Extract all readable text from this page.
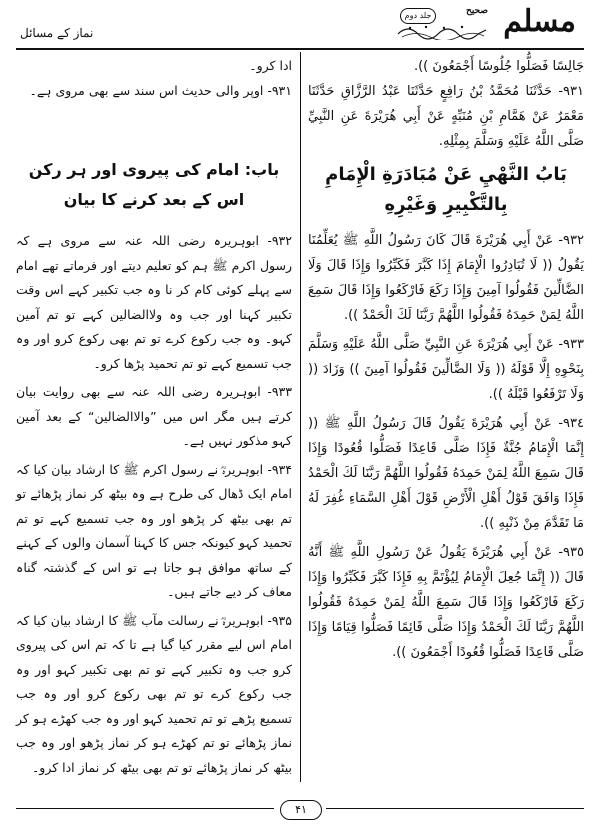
مسلم
صحيح
جلد دوم
نماز کے مسائل

جَالِسًا فَصَلُّوا جُلُوسًا أَجْمَعُونَ )).

٩٣١- حَدَّثَنَا مُحَمَّدُ بْنُ رَافِعٍ حَدَّثَنَا عَبْدُ الرَّزَّاقِ حَدَّثَنَا مَعْمَرٌ عَنْ هَمَّامِ بْنِ مُنَبِّهٍ عَنْ أَبِي هُرَيْرَةَ عَنِ النَّبِيِّ صَلَّى اللَّهُ عَلَيْهِ وَسَلَّمَ بِمِثْلِهِ.

بَابُ النَّهْيِ عَنْ مُبَادَرَةِ الْإِمَامِ بِالتَّكْبِيرِ وَغَيْرِهِ

٩٣٢- عَنْ أَبِي هُرَيْرَةَ قَالَ كَانَ رَسُولُ اللَّهِ ﷺ يُعَلِّمُنَا يَقُولُ (( لَا تُبَادِرُوا الْإِمَامَ إِذَا كَبَّرَ فَكَبِّرُوا وَإِذَا قَالَ وَلَا الضَّالِّينَ فَقُولُوا آمِينَ وَإِذَا رَكَعَ فَارْكَعُوا وَإِذَا قَالَ سَمِعَ اللَّهُ لِمَنْ حَمِدَهُ فَقُولُوا اللَّهُمَّ رَبَّنَا لَكَ الْحَمْدُ )).

٩٣٣- عَنْ أَبِي هُرَيْرَةَ عَنِ النَّبِيِّ صَلَّى اللَّهُ عَلَيْهِ وَسَلَّمَ بِنَحْوِهِ إِلَّا قَوْلَهُ (( وَلَا الضَّالِّينَ فَقُولُوا آمِينَ )) وَزَادَ (( وَلَا تَرْفَعُوا قَبْلَهُ )).

٩٣٤- عَنْ أَبِي هُرَيْرَةَ يَقُولُ قَالَ رَسُولُ اللَّهِ ﷺ (( إِنَّمَا الْإِمَامُ جُنَّةٌ فَإِذَا صَلَّى قَاعِدًا فَصَلُّوا قُعُودًا وَإِذَا قَالَ سَمِعَ اللَّهُ لِمَنْ حَمِدَهُ فَقُولُوا اللَّهُمَّ رَبَّنَا لَكَ الْحَمْدُ فَإِذَا وَافَقَ قَوْلُ أَهْلِ الْأَرْضِ قَوْلَ أَهْلِ السَّمَاءِ غُفِرَ لَهُ مَا تَقَدَّمَ مِنْ ذَنْبِهِ )).

٩٣٥- عَنْ أَبِي هُرَيْرَةَ يَقُولُ عَنْ رَسُولِ اللَّهِ ﷺ أَنَّهُ قَالَ (( إِنَّمَا جُعِلَ الْإِمَامُ لِيُؤْتَمَّ بِهِ فَإِذَا كَبَّرَ فَكَبِّرُوا وَإِذَا رَكَعَ فَارْكَعُوا وَإِذَا قَالَ سَمِعَ اللَّهُ لِمَنْ حَمِدَهُ فَقُولُوا اللَّهُمَّ رَبَّنَا لَكَ الْحَمْدُ وَإِذَا صَلَّى قَائِمًا فَصَلُّوا قِيَامًا وَإِذَا صَلَّى قَاعِدًا فَصَلُّوا قُعُودًا أَجْمَعُونَ )).

ادا کرو۔

۹۳۱- اوپر والی حدیث اس سند سے بھی مروی ہے۔

باب: امام کی پیروی اور ہر رکن اس کے بعد کرنے کا بیان

۹۳۲- ابوہریرہ رضی اللہ عنہ سے مروی ہے کہ رسول اکرم ﷺ ہم کو تعلیم دیتے اور فرماتے تھے امام سے پہلے کوئی کام کر نا وہ جب تکبیر کہے اس وقت تکبیر کہنا اور جب وہ ولاالضالین کہے تو تم آمین کہو۔ وہ جب رکوع کرے تو تم بھی رکوع کرو اور وہ جب تسمیع کہے تو تم تحمید پڑھا کرو۔

۹۳۳- ابوہریرہ رضی اللہ عنہ سے بھی روایت بیان کرتے ہیں مگر اس میں ”والاالضالین“ کے بعد آمین کہو مذکور نہیں ہے۔

۹۳۴- ابوہریرہؓ نے رسول اکرم ﷺ کا ارشاد بیان کیا کہ امام ایک ڈھال کی طرح ہے وہ بیٹھ کر نماز پڑھائے تو تم بھی بیٹھ کر پڑھو اور وہ جب تسمیع کہے تو تم تحمید کہو کیونکہ جس کا کہنا آسمان والوں کے کہنے کے ساتھ موافق ہو جاتا ہے تو اس کے گذشتہ گناہ معاف کر دیے جاتے ہیں۔

۹۳۵- ابوہریرہؓ نے رسالت مآب ﷺ کا ارشاد بیان کیا کہ امام اس لیے مقرر کیا گیا ہے تا کہ تم اس کی پیروی کرو جب وہ تکبیر کہے تو تم بھی تکبیر کہو اور وہ جب رکوع کرے تو تم بھی رکوع کرو اور وہ جب تسمیع پڑھے تو تم تحمید کہو اور وہ جب کھڑے ہو کر نماز پڑھائے تو تم کھڑے ہو کر نماز پڑھو اور وہ جب بیٹھ کر نماز پڑھائے تو تم بھی بیٹھ کر نماز ادا کرو۔

۴۱
